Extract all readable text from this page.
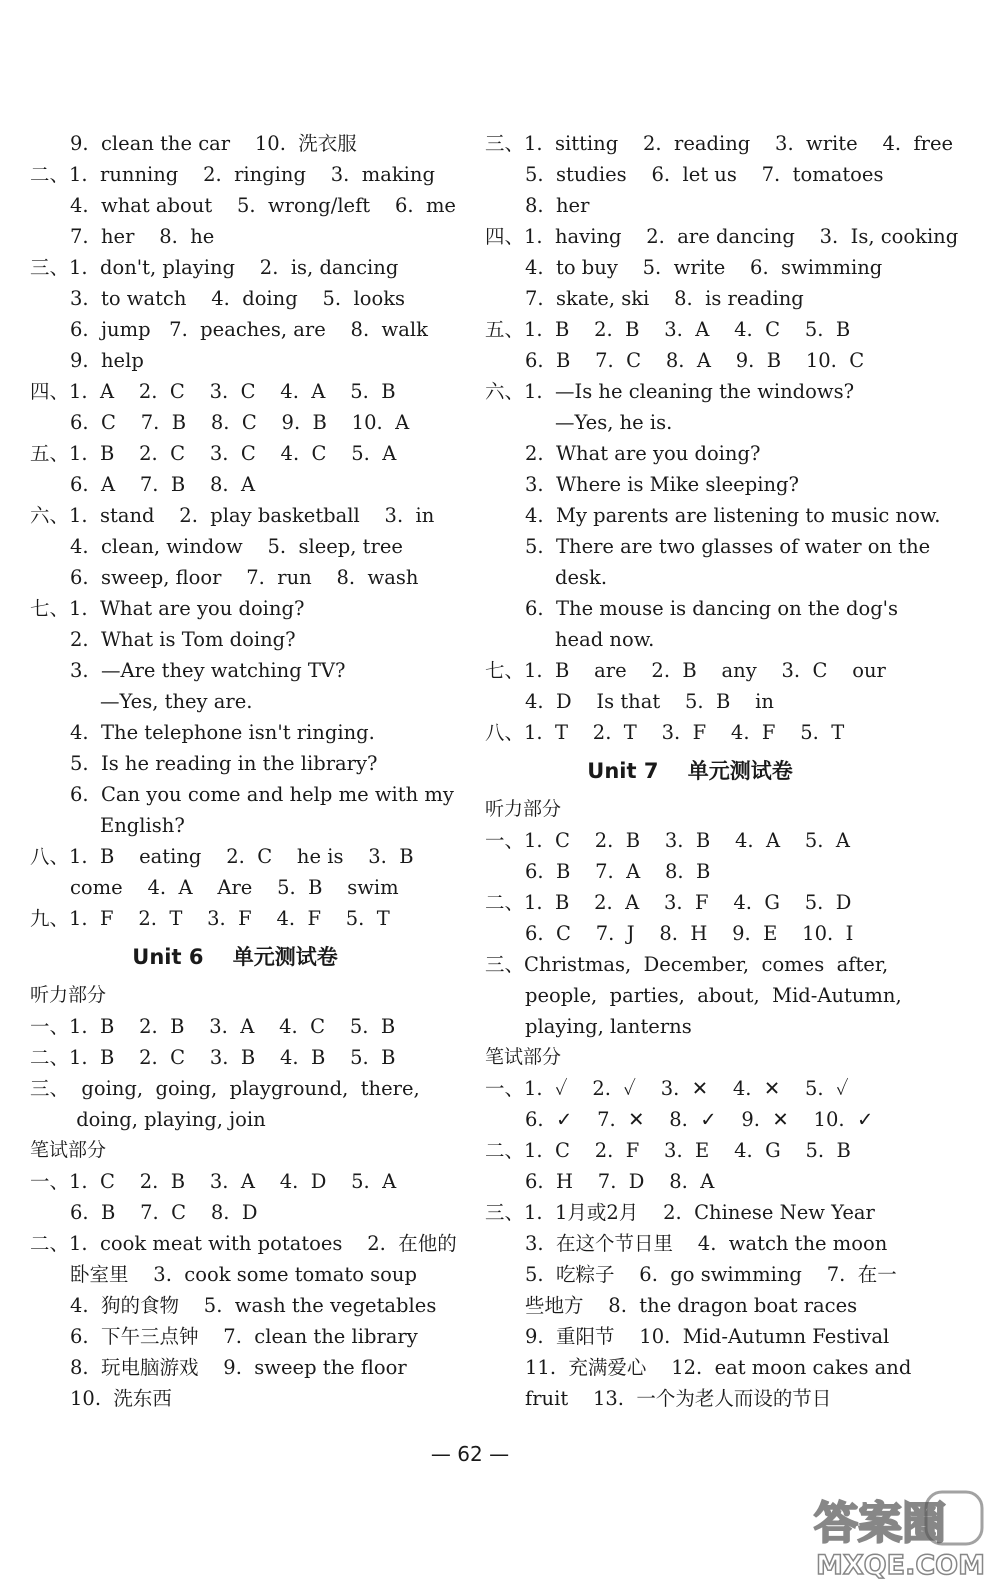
9.  clean the car    10.  洗衣服
二、1.  running    2.  ringing    3.  making
4.  what about    5.  wrong/left    6.  me
7.  her    8.  he
三、1.  don't, playing    2.  is, dancing
3.  to watch    4.  doing    5.  looks
6.  jump   7.  peaches, are    8.  walk
9.  help
四、1.  A    2.  C    3.  C    4.  A    5.  B
6.  C    7.  B    8.  C    9.  B    10.  A
五、1.  B    2.  C    3.  C    4.  C    5.  A
6.  A    7.  B    8.  A
六、1.  stand    2.  play basketball    3.  in
4.  clean, window    5.  sleep, tree
6.  sweep, floor    7.  run    8.  wash
七、1.  What are you doing?
2.  What is Tom doing?
3.  —Are they watching TV?
—Yes, they are.
4.  The telephone isn't ringing.
5.  Is he reading in the library?
6.  Can you come and help me with my
English?
八、1.  B    eating    2.  C    he is    3.  B
come    4.  A    Are    5.  B    swim
九、1.  F    2.  T    3.  F    4.  F    5.  T
Unit 6    单元测试卷
听力部分
一、1.  B    2.  B    3.  A    4.  C    5.  B
二、1.  B    2.  C    3.  B    4.  B    5.  B
三、  going,  going,  playground,  there,
doing, playing, join
笔试部分
一、1.  C    2.  B    3.  A    4.  D    5.  A
6.  B    7.  C    8.  D
二、1.  cook meat with potatoes    2.  在他的
卧室里    3.  cook some tomato soup
4.  狗的食物    5.  wash the vegetables
6.  下午三点钟    7.  clean the library
8.  玩电脑游戏    9.  sweep the floor
10.  洗东西
三、1.  sitting    2.  reading    3.  write    4.  free
5.  studies    6.  let us    7.  tomatoes
8.  her
四、1.  having    2.  are dancing    3.  Is, cooking
4.  to buy    5.  write    6.  swimming
7.  skate, ski    8.  is reading
五、1.  B    2.  B    3.  A    4.  C    5.  B
6.  B    7.  C    8.  A    9.  B    10.  C
六、1.  —Is he cleaning the windows?
—Yes, he is.
2.  What are you doing?
3.  Where is Mike sleeping?
4.  My parents are listening to music now.
5.  There are two glasses of water on the
desk.
6.  The mouse is dancing on the dog's
head now.
七、1.  B    are    2.  B    any    3.  C    our
4.  D    Is that    5.  B    in
八、1.  T    2.  T    3.  F    4.  F    5.  T
Unit 7    单元测试卷
听力部分
一、1.  C    2.  B    3.  B    4.  A    5.  A
6.  B    7.  A    8.  B
二、1.  B    2.  A    3.  F    4.  G    5.  D
6.  C    7.  J    8.  H    9.  E    10.  I
三、Christmas,  December,  comes  after,
people,  parties,  about,  Mid-Autumn,
playing, lanterns
笔试部分
一、1.  ✓    2.  ✓    3.  ✕    4.  ✕    5.  ✓
6.  ✓    7.  ✕    8.  ✓    9.  ✕    10.  ✓
二、1.  C    2.  F    3.  E    4.  G    5.  B
6.  H    7.  D    8.  A
三、1.  1月或2月    2.  Chinese New Year
3.  在这个节日里    4.  watch the moon
5.  吃粽子    6.  go swimming    7.  在一
些地方    8.  the dragon boat races
9.  重阳节    10.  Mid-Autumn Festival
11.  充满爱心    12.  eat moon cakes and
fruit    13.  一个为老人而设的节日
— 62 —
答案圈
MXQE.COM
